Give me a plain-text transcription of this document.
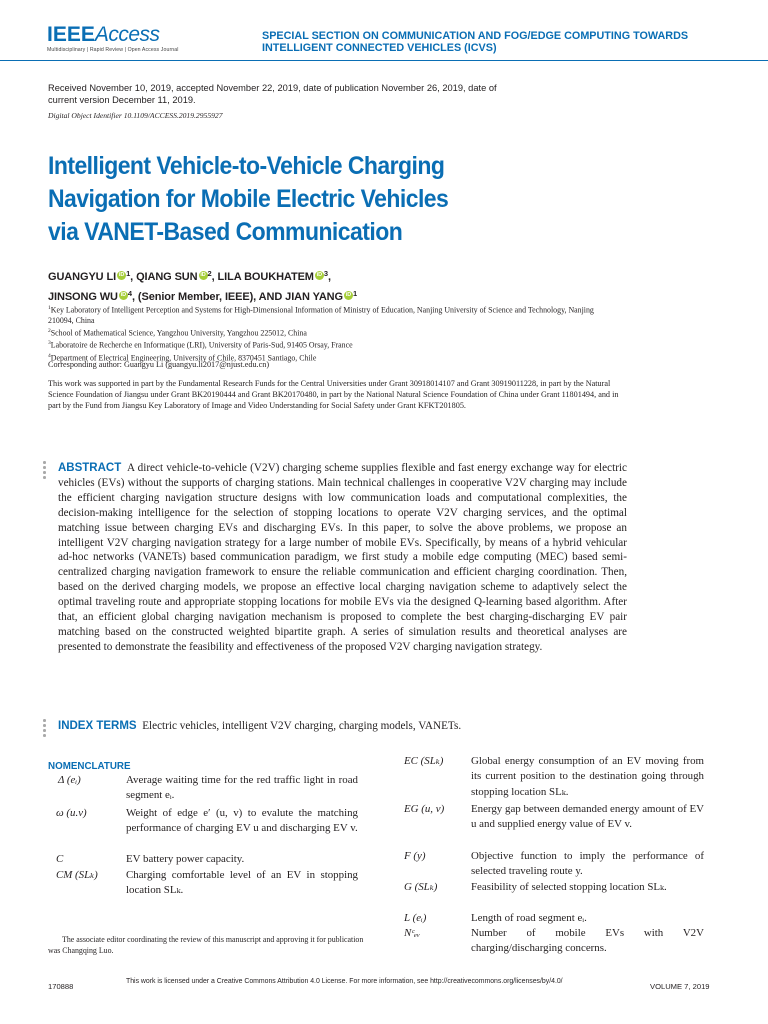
IEEEAccess
Multidisciplinary | Rapid Review | Open Access Journal
SPECIAL SECTION ON COMMUNICATION AND FOG/EDGE COMPUTING TOWARDS INTELLIGENT CONNECTED VEHICLES (ICVS)
Received November 10, 2019, accepted November 22, 2019, date of publication November 26, 2019, date of current version December 11, 2019.
Digital Object Identifier 10.1109/ACCESS.2019.2955927
Intelligent Vehicle-to-Vehicle Charging
Navigation for Mobile Electric Vehicles
via VANET-Based Communication
GUANGYU LI iD $^1$, QIANG SUN iD $^2$, LILA BOUKHATEM iD $^3$,
JINSONG WU iD $^4$, (Senior Member, IEEE), AND JIAN YANG iD $^1$
$^1$Key Laboratory of Intelligent Perception and Systems for High-Dimensional Information of Ministry of Education, Nanjing University of Science and Technology, Nanjing 210094, China
$^2$School of Mathematical Science, Yangzhou University, Yangzhou 225012, China
$^3$Laboratoire de Recherche en Informatique (LRI), University of Paris-Sud, 91405 Orsay, France
$^4$Department of Electrical Engineering, University of Chile, 8370451 Santiago, Chile
Corresponding author: Guangyu Li (guangyu.li2017@njust.edu.cn)
This work was supported in part by the Fundamental Research Funds for the Central Universities under Grant 30918014107 and Grant 30919011228, in part by the Natural Science Foundation of Jiangsu under Grant BK20190444 and Grant BK20170480, in part by the National Natural Science Foundation of China under Grant 11801494, and in part by the Fund from Jiangsu Key Laboratory of Image and Video Understanding for Social Safety under Grant KFKT201805.
ABSTRACT A direct vehicle-to-vehicle (V2V) charging scheme supplies flexible and fast energy exchange way for electric vehicles (EVs) without the supports of charging stations. Main technical challenges in cooperative V2V charging may include the efficient charging navigation structure designs with low communication loads and computational complexities, the decision-making intelligence for the selection of stopping locations to operate V2V charging services, and the optimal matching issue between charging EVs and discharging EVs. In this paper, to solve the above problems, we propose an intelligent V2V charging navigation strategy for a large number of mobile EVs. Specifically, by means of a hybrid vehicular ad-hoc networks (VANETs) based communication paradigm, we first study a mobile edge computing (MEC) based semi-centralized charging navigation framework to ensure the reliable communication and efficient charging coordination. Then, based on the derived charging models, we propose an effective local charging navigation scheme to adaptively select the optimal traveling route and appropriate stopping locations for mobile EVs via the designed Q-learning based algorithm. After that, an efficient global charging navigation mechanism is proposed to complete the best charging-discharging EV pair matching based on the constructed weighted bipartite graph. A series of simulation results and theoretical analyses are presented to demonstrate the feasibility and effectiveness of the proposed V2V charging navigation strategy.
INDEX TERMS Electric vehicles, intelligent V2V charging, charging models, VANETs.
NOMENCLATURE
Δ (eᵢ)	Average waiting time for the red traffic light in road segment eᵢ.
ω (u.v)	Weight of edge e′ (u, v) to evalute the matching performance of charging EV u and discharging EV v.
C	EV battery power capacity.
CM (SLₖ)	Charging comfortable level of an EV in stopping location SLₖ.
EC (SLₖ)	Global energy consumption of an EV moving from its current position to the destination going through stopping location SLₖ.
EG (u, v) Energy gap between demanded energy amount of EV u and supplied energy value of EV v.
F (y)	Objective function to imply the performance of selected traveling route y.
G (SLₖ)	Feasibility of selected stopping location SLₖ.
L (eᵢ)	Length of road segment eᵢ.
Nᶜₑᵥ	Number of mobile EVs with V2V charging/discharging concerns.
The associate editor coordinating the review of this manuscript and approving it for publication was Changqing Luo.
170888
This work is licensed under a Creative Commons Attribution 4.0 License. For more information, see http://creativecommons.org/licenses/by/4.0/
VOLUME 7, 2019
